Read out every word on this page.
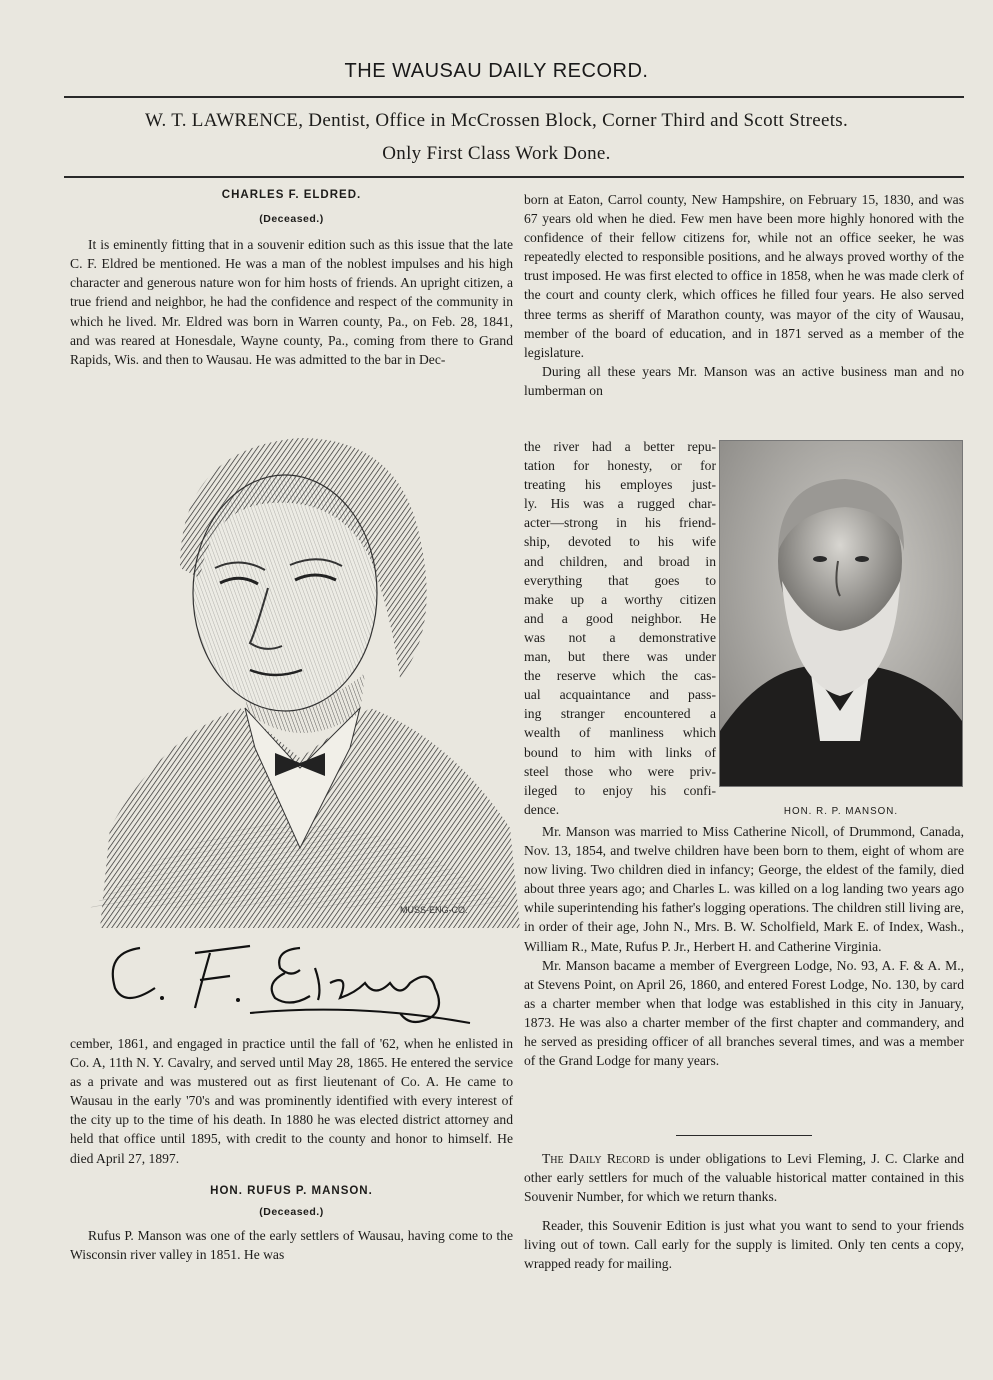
THE WAUSAU DAILY RECORD.
W. T. LAWRENCE, Dentist, Office in McCrossen Block, Corner Third and Scott Streets.
Only First Class Work Done.
CHARLES F. ELDRED.
(Deceased.)

It is eminently fitting that in a souvenir edition such as this issue that the late C. F. Eldred be mentioned. He was a man of the noblest impulses and his high character and generous nature won for him hosts of friends. An upright citizen, a true friend and neighbor, he had the confidence and respect of the community in which he lived. Mr. Eldred was born in Warren county, Pa., on Feb. 28, 1841, and was reared at Honesdale, Wayne county, Pa., coming from there to Grand Rapids, Wis. and then to Wausau. He was admitted to the bar in Dec-

MUSS-ENG-CO.

cember, 1861, and engaged in practice until the fall of '62, when he enlisted in Co. A, 11th N. Y. Cavalry, and served until May 28, 1865. He entered the service as a private and was mustered out as first lieutenant of Co. A. He came to Wausau in the early '70's and was prominently identified with every interest of the city up to the time of his death. In 1880 he was elected district attorney and held that office until 1895, with credit to the county and honor to himself. He died April 27, 1897.

HON. RUFUS P. MANSON.
(Deceased.)

Rufus P. Manson was one of the early settlers of Wausau, having come to the Wisconsin river valley in 1851. He was

born at Eaton, Carrol county, New Hampshire, on February 15, 1830, and was 67 years old when he died. Few men have been more highly honored with the confidence of their fellow citizens for, while not an office seeker, he was repeatedly elected to responsible positions, and he always proved worthy of the trust imposed. He was first elected to office in 1858, when he was made clerk of the court and county clerk, which offices he filled four years. He also served three terms as sheriff of Marathon county, was mayor of the city of Wausau, member of the board of education, and in 1871 served as a member of the legislature.

During all these years Mr. Manson was an active business man and no lumberman on

the river had a better repu-
tation for honesty, or for
treating his employes just-
ly. His was a rugged char-
acter—strong in his friend-
ship, devoted to his wife
and children, and broad in
everything that goes to
make up a worthy citizen
and a good neighbor. He
was not a demonstrative
man, but there was under
the reserve which the cas-
ual acquaintance and pass-
ing stranger encountered a
wealth of manliness which
bound to him with links of
steel those who were priv-
ileged to enjoy his confi-
dence.	HON. R. P. MANSON.

Mr. Manson was married to Miss Catherine Nicoll, of Drummond, Canada, Nov. 13, 1854, and twelve children have been born to them, eight of whom are now living. Two children died in infancy; George, the eldest of the family, died about three years ago; and Charles L. was killed on a log landing two years ago while superintending his father's logging operations. The children still living are, in order of their age, John N., Mrs. B. W. Scholfield, Mark E. of Index, Wash., William R., Mate, Rufus P. Jr., Herbert H. and Catherine Virginia.

Mr. Manson bacame a member of Evergreen Lodge, No. 93, A. F. & A. M., at Stevens Point, on April 26, 1860, and entered Forest Lodge, No. 130, by card as a charter member when that lodge was established in this city in January, 1873. He was also a charter member of the first chapter and commandery, and he served as presiding officer of all branches several times, and was a member of the Grand Lodge for many years.

The Daily Record is under obligations to Levi Fleming, J. C. Clarke and other early settlers for much of the valuable historical matter contained in this Souvenir Number, for which we return thanks.

Reader, this Souvenir Edition is just what you want to send to your friends living out of town. Call early for the supply is limited. Only ten cents a copy, wrapped ready for mailing.
